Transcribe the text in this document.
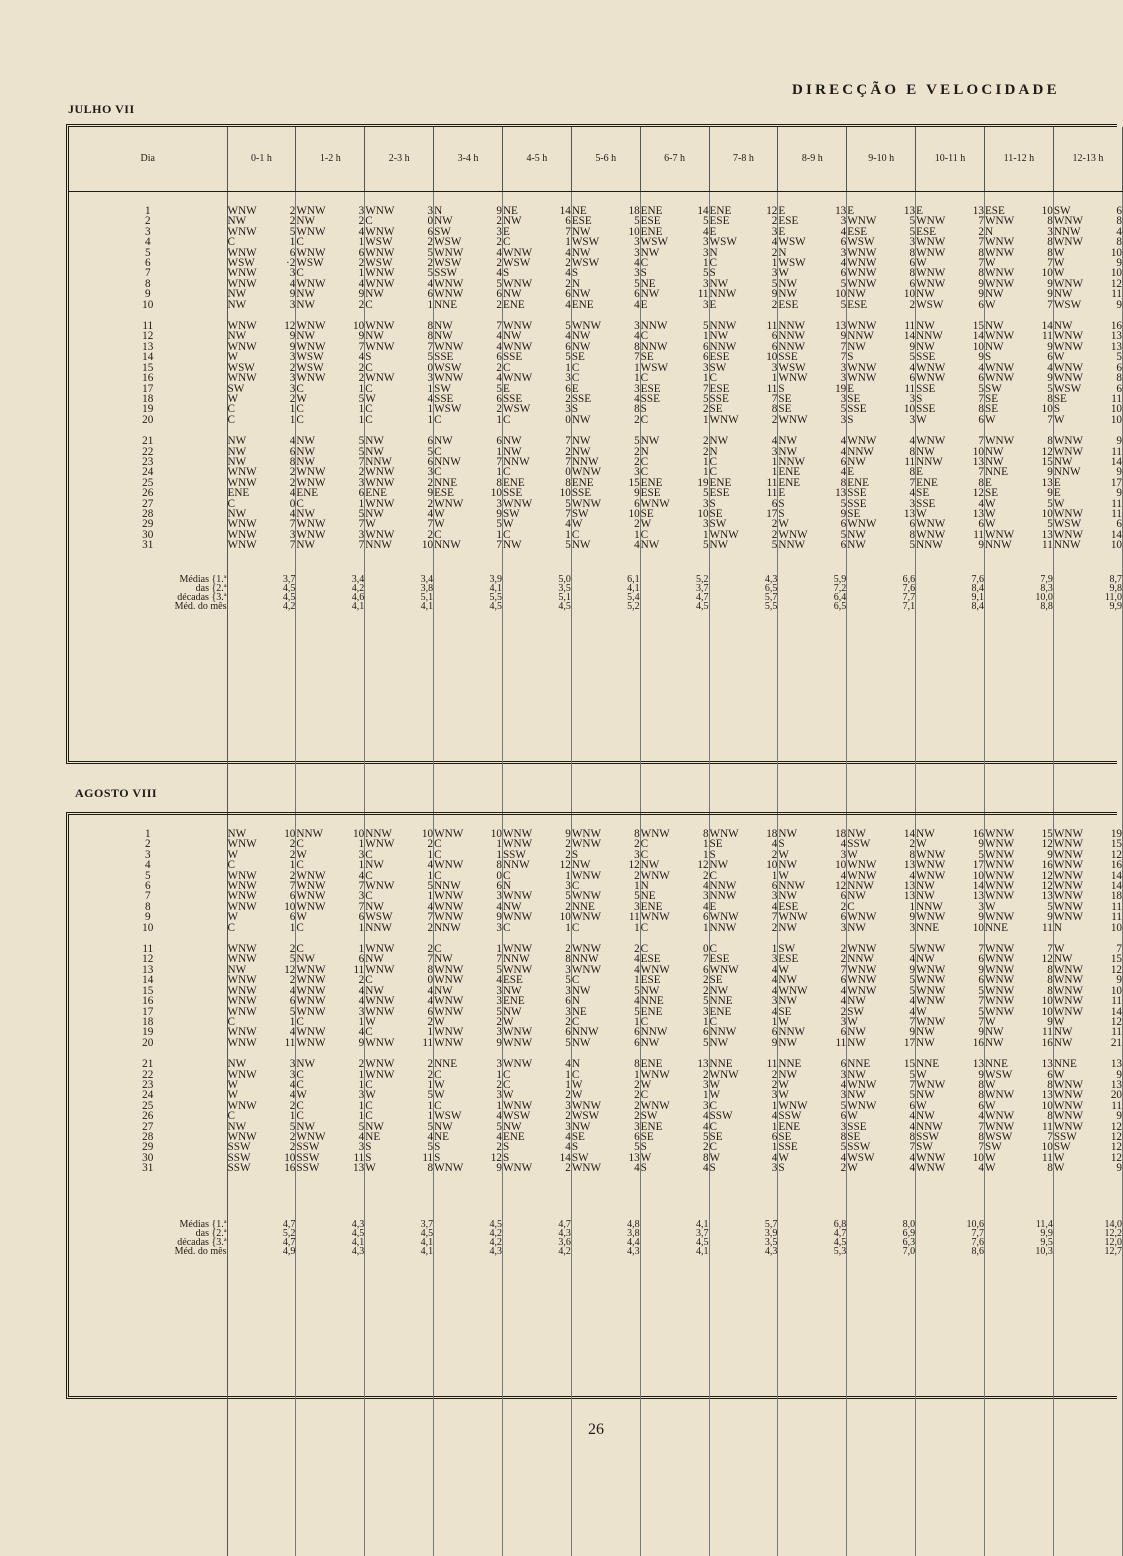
DIRECÇÃO E VELOCIDADE
JULHO VII
Dia	0-1 h		1-2 h		2-3 h		3-4 h		4-5 h		5-6 h		6-7 h		7-8 h		8-9 h		9-10 h		10-11 h		11-12 h		12-13 h	

1	WNW	2	WNW	3	WNW	3	N	9	NE	14	NE	18	ENE	14	ENE	12	E	13	E	13	E	13	ESE	10	SW	6
2	NW	2	NW	2	C	0	NW	2	NW	6	ESE	5	ESE	5	ESE	2	ESE	3	WNW	5	WNW	7	WNW	8	WNW	8
3	WNW	5	WNW	4	WNW	6	SW	3	E	7	NW	10	ENE	4	E	3	E	4	ESE	5	ESE	2	N	3	NNW	4
4	C	1	C	1	WSW	2	WSW	2	C	1	WSW	3	WSW	3	WSW	4	WSW	6	WSW	3	WNW	7	WNW	8	WNW	8
5	WNW	6	WNW	6	WNW	5	WNW	4	WNW	4	NW	3	NW	3	N	2	N	3	WNW	8	WNW	8	WNW	8	W	10
6	WSW	·2	WSW	2	WSW	2	WSW	2	WSW	2	WSW	4	C	1	C	1	WSW	4	WNW	6	W	7	W	7	W	9
7	WNW	3	C	1	WNW	5	SSW	4	S	4	S	3	S	5	S	3	W	6	WNW	8	WNW	8	WNW	10	W	10
8	WNW	4	WNW	4	WNW	4	WNW	5	WNW	2	N	5	NE	3	NW	5	NW	5	WNW	6	WNW	9	WNW	9	WNW	12
9	NW	9	NW	9	NW	6	WNW	6	NW	6	NW	6	NW	11	NNW	9	NW	10	NW	10	NW	9	NW	9	NW	11
10	NW	3	NW	2	C	1	NNE	2	ENE	4	ENE	4	E	3	E	2	ESE	5	ESE	2	WSW	6	W	7	WSW	9

11	WNW	12	WNW	10	WNW	8	NW	7	WNW	5	WNW	3	NNW	5	NNW	11	NNW	13	WNW	11	NW	15	NW	14	NW	16
12	NW	9	NW	9	NW	8	NW	4	NW	4	NW	4	C	1	NW	6	NNW	9	NNW	14	NNW	14	WNW	11	WNW	13
13	WNW	9	WNW	7	WNW	7	WNW	4	WNW	6	NW	8	NNW	6	NNW	6	NNW	7	NW	9	NW	10	NW	9	WNW	13
14	W	3	WSW	4	S	5	SSE	6	SSE	5	SE	7	SE	6	ESE	10	SSE	7	S	5	SSE	9	S	6	W	5
15	WSW	2	WSW	2	C	0	WSW	2	C	1	C	1	WSW	3	SW	3	WSW	3	WNW	4	WNW	4	WNW	4	WNW	6
16	WNW	3	WNW	2	WNW	3	WNW	4	WNW	3	C	1	C	1	C	1	WNW	3	WNW	6	WNW	6	WNW	9	WNW	8
17	SW	3	C	1	C	1	SW	5	E	6	E	3	ESE	7	ESE	11	S	19	E	11	SSE	5	SW	5	WSW	6
18	W	2	W	5	W	4	SSE	6	SSE	2	SSE	4	SSE	5	SSE	7	SE	3	SE	3	S	7	SE	8	SE	11
19	C	1	C	1	C	1	WSW	2	WSW	3	S	8	S	2	SE	8	SE	5	SSE	10	SSE	8	SE	10	S	10
20	C	1	C	1	C	1	C	1	C	0	NW	2	C	1	WNW	2	WNW	3	S	3	W	6	W	7	W	10

21	NW	4	NW	5	NW	6	NW	6	NW	7	NW	5	NW	2	NW	4	NW	4	WNW	4	WNW	7	WNW	8	WNW	9
22	NW	6	NW	5	NW	5	C	1	NW	2	NW	2	N	2	N	3	NW	4	NNW	8	NW	10	NW	12	WNW	11
23	NW	8	NW	7	NNW	6	NNW	7	NNW	7	NNW	2	C	1	C	1	NNW	6	NW	11	NNW	13	NW	15	NW	14
24	WNW	2	WNW	2	WNW	3	C	1	C	0	WNW	3	C	1	C	1	ENE	4	E	8	E	7	NNE	9	NNW	9
25	WNW	2	WNW	3	WNW	2	NNE	8	ENE	8	ENE	15	ENE	19	ENE	11	ENE	8	ENE	7	ENE	8	E	13	E	17
26	ENE	4	ENE	6	ENE	9	ESE	10	SSE	10	SSE	9	ESE	5	ESE	11	E	13	SSE	4	SE	12	SE	9	E	9
27	C	0	C	1	WNW	2	WNW	3	WNW	5	WNW	6	WNW	3	S	6	S	5	SSE	3	SSE	4	W	5	W	11
28	NW	4	NW	5	NW	4	W	9	SW	7	SW	10	SE	10	SE	17	S	9	SE	13	W	13	W	10	WNW	11
29	WNW	7	WNW	7	W	7	W	5	W	4	W	2	W	3	SW	2	W	6	WNW	6	WNW	6	W	5	WSW	6
30	WNW	3	WNW	3	WNW	2	C	1	C	1	C	1	C	1	WNW	2	WNW	5	NW	8	WNW	11	WNW	13	WNW	14
31	WNW	7	NW	7	NNW	10	NNW	7	NW	5	NW	4	NW	5	NW	5	NNW	6	NW	5	NNW	9	NNW	11	NNW	10

Médias {1.ª		3,7		3,4		3,4		3,9		5,0		6,1		5,2		4,3		5,9		6,6		7,6		7,9		8,7
das {2.ª		4,5		4,2		3,8		4,1		3,5		4,1		3,7		6,5		7,2		7,6		8,4		8,3		9,8
décadas {3.ª		4,5		4,6		5,1		5,5		5,1		5,4		4,7		5,7		6,4		7,7		9,1		10,0		11,0
Méd. do mês		4,2		4,1		4,1		4,5		4,5		5,2		4,5		5,5		6,5		7,1		8,4		8,8		9,9

AGOSTO VIII

1	NW	10	NNW	10	NNW	10	WNW	10	WNW	9	WNW	8	WNW	8	WNW	18	NW	18	NW	14	NW	16	WNW	15	WNW	19
2	WNW	2	C	1	WNW	2	C	1	WNW	2	WNW	2	C	1	SE	4	S	4	SSW	2	W	9	WNW	12	WNW	15
3	W	2	W	3	C	1	C	1	SSW	2	S	3	C	1	S	2	W	3	W	8	WNW	5	WNW	9	WNW	12
4	C	1	C	1	NW	4	WNW	8	NNW	12	NW	12	NW	12	NW	10	NW	10	WNW	13	WNW	17	WNW	16	WNW	16
5	WNW	2	WNW	4	C	1	C	0	C	1	WNW	2	WNW	2	C	1	W	4	WNW	4	WNW	10	WNW	12	WNW	14
6	WNW	7	WNW	7	WNW	5	NNW	6	N	3	C	1	N	4	NNW	6	NNW	12	NNW	13	NW	14	WNW	12	WNW	14
7	WNW	6	WNW	3	C	1	WNW	3	WNW	5	WNW	5	NE	3	NNW	3	NW	6	NW	13	NW	13	WNW	13	WNW	18
8	WNW	10	WNW	7	NW	4	WNW	4	NW	2	NNE	3	ENE	4	E	4	ESE	2	C	1	NNW	3	W	5	WNW	11
9	W	6	W	6	WSW	7	WNW	9	WNW	10	WNW	11	WNW	6	WNW	7	WNW	6	WNW	9	WNW	9	WNW	9	WNW	11
10	C	1	C	1	NNW	2	NNW	3	C	1	C	1	C	1	NNW	2	NW	3	NW	3	NNE	10	NNE	11	N	10

11	WNW	2	C	1	WNW	2	C	1	WNW	2	WNW	2	C	0	C	1	SW	2	WNW	5	WNW	7	WNW	7	W	7
12	WNW	5	NW	6	NW	7	NW	7	NNW	8	NNW	4	ESE	7	ESE	3	ESE	2	NNW	4	NW	6	WNW	12	NW	15
13	NW	12	WNW	11	WNW	8	WNW	5	WNW	3	WNW	4	WNW	6	WNW	4	W	7	WNW	9	WNW	9	WNW	8	WNW	12
14	WNW	2	WNW	2	C	0	WNW	4	ESE	5	C	1	ESE	2	SE	4	NW	6	WNW	5	WNW	6	WNW	8	WNW	9
15	WNW	4	WNW	4	NW	4	NW	3	NW	3	NW	5	NW	2	NW	4	WNW	4	WNW	5	WNW	5	WNW	8	WNW	10
16	WNW	6	WNW	4	WNW	4	WNW	3	ENE	6	N	4	NNE	5	NNE	3	NW	4	NW	4	WNW	7	WNW	10	WNW	11
17	WNW	5	WNW	3	WNW	6	WNW	5	NW	3	NE	5	ENE	3	ENE	4	SE	2	SW	4	W	5	WNW	10	WNW	14
18	C	1	C	1	W	2	W	2	W	2	C	1	C	1	C	1	W	3	W	7	WNW	7	W	9	W	12
19	WNW	4	WNW	4	C	1	WNW	3	WNW	6	NNW	6	NNW	6	NNW	6	NNW	6	NW	9	NW	9	NW	11	NW	11
20	WNW	11	WNW	9	WNW	11	WNW	9	WNW	5	NW	6	NW	5	NW	9	NW	11	NW	17	NW	16	NW	16	NW	21

21	NW	3	NW	2	WNW	2	NNE	3	WNW	4	N	8	ENE	13	NNE	11	NNE	6	NNE	15	NNE	13	NNE	13	NNE	13
22	WNW	3	C	1	WNW	2	C	1	C	1	C	1	WNW	2	WNW	2	NW	3	NW	5	W	9	WSW	6	W	9
23	W	4	C	1	C	1	W	2	C	1	W	2	W	3	W	2	W	4	WNW	7	WNW	8	W	8	WNW	13
24	W	4	W	3	W	5	W	3	W	2	W	2	C	1	W	3	W	3	NW	5	NW	8	WNW	13	WNW	20
25	WNW	2	C	1	C	1	C	1	WNW	3	WNW	2	WNW	3	C	1	WNW	5	WNW	6	W	6	W	10	WNW	11
26	C	1	C	1	C	1	WSW	4	WSW	2	WSW	2	SW	4	SSW	4	SSW	6	W	4	NW	4	WNW	8	WNW	9
27	NW	5	NW	5	NW	5	NW	5	NW	3	NW	3	ENE	4	C	1	ENE	3	SSE	4	NNW	7	WNW	11	WNW	12
28	WNW	2	WNW	4	NE	4	NE	4	ENE	4	SE	6	SE	5	SE	6	SE	8	SE	8	SSW	8	WSW	7	SSW	12
29	SSW	2	SSW	3	S	5	S	2	S	4	S	5	S	2	C	1	SSE	5	SSW	7	SW	7	SW	10	SW	12
30	SSW	10	SSW	11	S	11	S	12	S	14	SW	13	W	8	W	4	W	4	WSW	4	WNW	10	W	11	W	12
31	SSW	16	SSW	13	W	8	WNW	9	WNW	2	WNW	4	S	4	S	3	S	2	W	4	WNW	4	W	8	W	9

Médias {1.ª		4,7		4,3		3,7		4,5		4,7		4,8		4,1		5,7		6,8		8,0		10,6		11,4		14,0
das {2.ª		5,2		4,5		4,5		4,2		4,3		3,8		3,7		3,9		4,7		6,9		7,7		9,9		12,2
décadas {3.ª		4,7		4,1		4,1		4,2		3,6		4,4		4,5		3,5		4,5		6,3		7,6		9,5		12,0
Méd. do mês		4,9		4,3		4,1		4,3		4,2		4,3		4,1		4,3		5,3		7,0		8,6		10,3		12,7

26
